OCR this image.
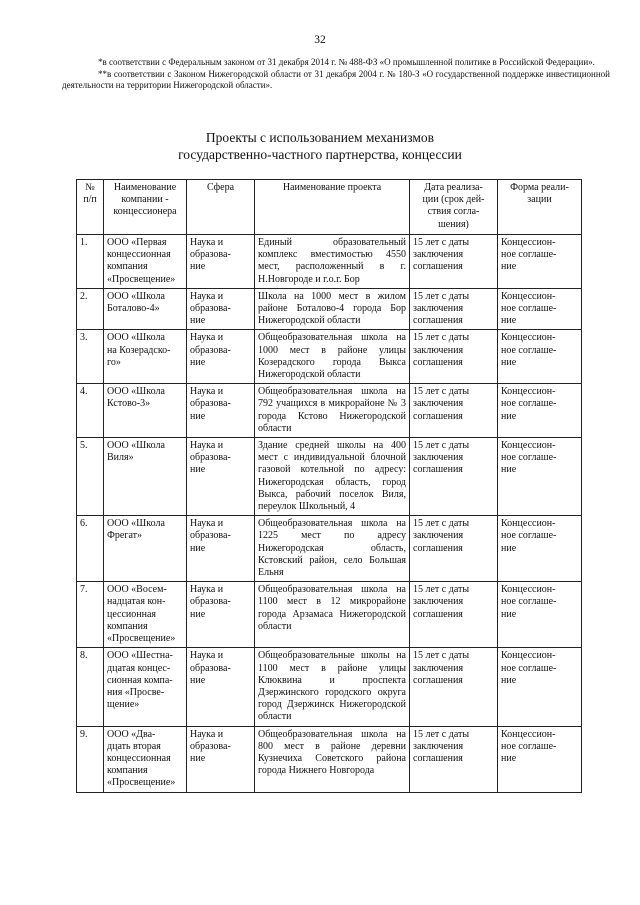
32

*в соответствии с Федеральным законом от 31 декабря 2014 г. № 488-ФЗ «О промышленной политике в Российской Федерации».

**в соответствии с Законом Нижегородской области от 31 декабря 2004 г. № 180-З «О государственной поддержке инвестиционной деятельности на территории Нижегородской области».

Проекты с использованием механизмов
государственно-частного партнерства, концессии
№
п/п	Наименование
компании -
концессионера	Сфера	Наименование проекта	Дата реализа-
ции (срок дей-
ствия согла-
шения)	Форма реали-
зации
1.	ООО «Первая
концессионная
компания
«Просвещение»	Наука и
образова-
ние	Единый образовательный комплекс вместимостью 4550 мест, расположенный в г. Н.Новгороде и г.о.г. Бор	15 лет с даты
заключения
соглашения	Концессион-
ное соглаше-
ние
2.	ООО «Школа
Боталово-4»	Наука и
образова-
ние	Школа на 1000 мест в жилом районе Боталово-4 города Бор Нижегородской области	15 лет с даты
заключения
соглашения	Концессион-
ное соглаше-
ние
3.	ООО «Школа
на Козерадско-
го»	Наука и
образова-
ние	Общеобразовательная школа на 1000 мест в районе улицы Козерадского города Выкса Нижегородской области	15 лет с даты
заключения
соглашения	Концессион-
ное соглаше-
ние
4.	ООО «Школа
Кстово-3»	Наука и
образова-
ние	Общеобразовательная школа на 792 учащихся в микрорайоне № 3 города Кстово Нижегородской области	15 лет с даты
заключения
соглашения	Концессион-
ное соглаше-
ние
5.	ООО «Школа
Виля»	Наука и
образова-
ние	Здание средней школы на 400 мест с индивидуальной блочной газовой котельной по адресу: Нижегородская область, город Выкса, рабочий поселок Виля, переулок Школьный, 4	15 лет с даты
заключения
соглашения	Концессион-
ное соглаше-
ние
6.	ООО «Школа
Фрегат»	Наука и
образова-
ние	Общеобразовательная школа на 1225 мест по адресу Нижегородская область, Кстовский район, село Большая Ельня	15 лет с даты
заключения
соглашения	Концессион-
ное соглаше-
ние
7.	ООО «Восем-
надцатая кон-
цессионная
компания
«Просвещение»	Наука и
образова-
ние	Общеобразовательная школа на 1100 мест в 12 микрорайоне города Арзамаса Нижегородской области	15 лет с даты
заключения
соглашения	Концессион-
ное соглаше-
ние
8.	ООО «Шестна-
дцатая концес-
сионная компа-
ния «Просве-
щение»	Наука и
образова-
ние	Общеобразовательные школы на 1100 мест в районе улицы Клюквина и проспекта Дзержинского городского округа город Дзержинск Нижегородской области	15 лет с даты
заключения
соглашения	Концессион-
ное соглаше-
ние
9.	ООО «Два-
дцать вторая
концессионная
компания
«Просвещение»	Наука и
образова-
ние	Общеобразовательная школа на 800 мест в районе деревни Кузнечиха Советского района города Нижнего Новгорода	15 лет с даты
заключения
соглашения	Концессион-
ное соглаше-
ние
